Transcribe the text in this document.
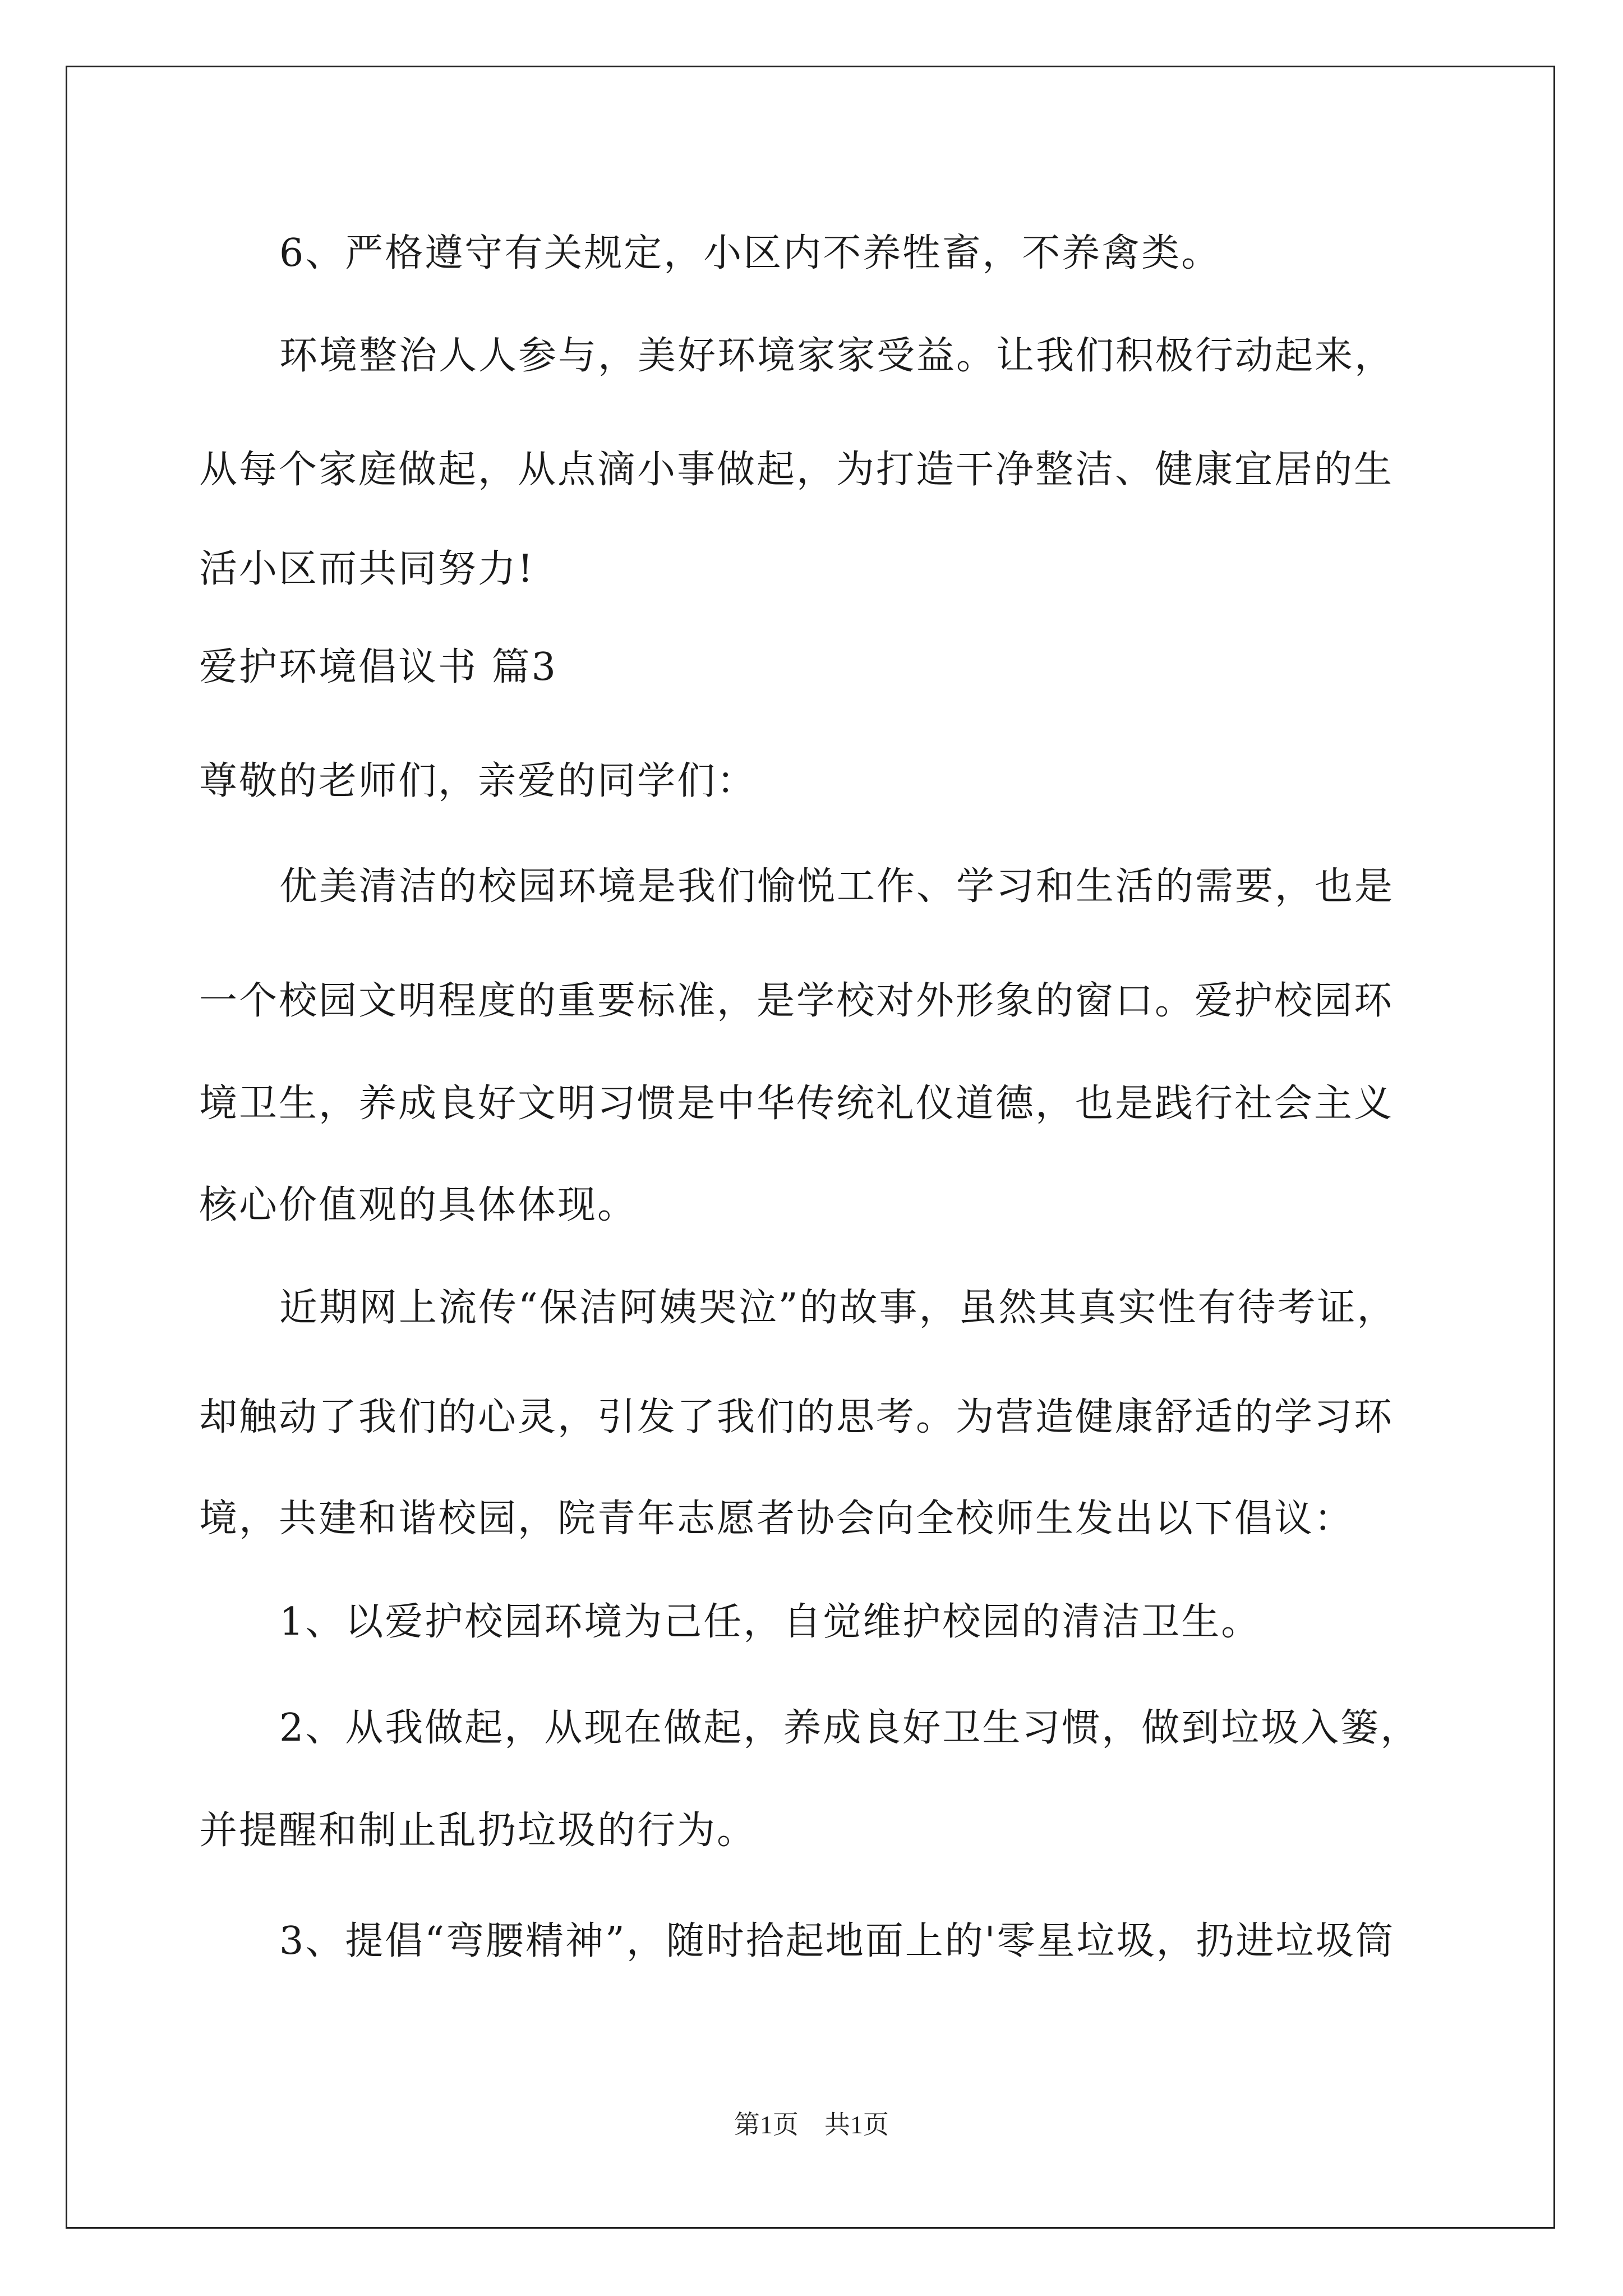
6、严格遵守有关规定，小区内不养牲畜，不养禽类。
环境整治人人参与，美好环境家家受益。让我们积极行动起来，
从每个家庭做起，从点滴小事做起，为打造干净整洁、健康宜居的生
活小区而共同努力!
爱护环境倡议书 篇3
尊敬的老师们，亲爱的同学们：
优美清洁的校园环境是我们愉悦工作、学习和生活的需要，也是
一个校园文明程度的重要标准，是学校对外形象的窗口。爱护校园环
境卫生，养成良好文明习惯是中华传统礼仪道德，也是践行社会主义
核心价值观的具体体现。
近期网上流传“保洁阿姨哭泣”的故事，虽然其真实性有待考证，
却触动了我们的心灵，引发了我们的思考。为营造健康舒适的学习环
境，共建和谐校园，院青年志愿者协会向全校师生发出以下倡议：
1、以爱护校园环境为己任，自觉维护校园的清洁卫生。
2、从我做起，从现在做起，养成良好卫生习惯，做到垃圾入篓，
并提醒和制止乱扔垃圾的行为。
3、提倡“弯腰精神”，随时拾起地面上的'零星垃圾，扔进垃圾筒
第1页　共1页
